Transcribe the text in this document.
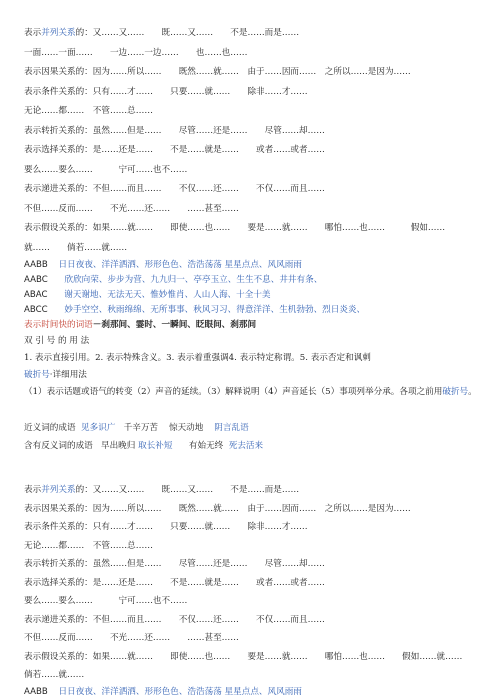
表示并列关系的：又……又……　　既……又……　　不是……而是……
一面……一面……　　一边……一边……　　也……也……
表示因果关系的：因为……所以……　　既然……就……　由于……因而……　之所以……是因为……
表示条件关系的：只有……才……　　只要……就……　　除非……才……
无论……都……　不管……总……
表示转折关系的：虽然……但是……　　尽管……还是……　　尽管……却……
表示选择关系的：是……还是……　　不是……就是……　　或者……或者……
要么……要么……　　　宁可……也不……
表示递进关系的：不但……而且……　　不仅……还……　　不仅……而且……
不但……反而……　　不光……还……　　……甚至……
表示假设关系的：如果……就……　　即使……也……　　要是……就……　　哪怕……也……　　　假如……
就……　　倘若……就……
AABB 日日夜夜、洋洋洒洒、形形色色、浩浩荡荡 星星点点、风风雨雨
AABC 欣欣向荣、步步为营、九九归一、亭亭玉立、生生不息、井井有条、
ABAC 谢天谢地、无法无天、惟妙惟肖、人山人海、十全十美
ABCC 妙手空空、秋雨绵绵、无所事事、秋风习习、得意洋洋、生机勃勃、烈日炎炎、
表示时间快的词语－刹那间、霎时、一瞬间、眨眼间、刹那间
双 引 号 的 用 法
1. 表示直接引用。2. 表示特殊含义。3. 表示着重强调4. 表示特定称谓。5. 表示否定和讽刺
破折号·详细用法
（1）表示话题或语气的转变（2）声音的延续。（3）解释说明（4）声音延长（5）事项列举分承。各项之前用破折号。
近义词的成语 见多识广 千辛万苦 惊天动地 阴言乱语
含有反义词的成语 早出晚归 取长补短 有始无终 死去活来
表示并列关系的：又……又……　　既……又……　　不是……而是……
表示因果关系的：因为……所以……　　既然……就……　由于……因而……　之所以……是因为……
表示条件关系的：只有……才……　　只要……就……　　除非……才……
无论……都……　不管……总……
表示转折关系的：虽然……但是……　　尽管……还是……　　尽管……却……
表示选择关系的：是……还是……　　不是……就是……　　或者……或者……
要么……要么……　　　宁可……也不……
表示递进关系的：不但……而且……　　不仅……还……　　不仅……而且……
不但……反而……　　不光……还……　　……甚至……
表示假设关系的：如果……就……　　即使……也……　　要是……就……　　哪怕……也……　　假如……就……
倘若……就……
AABB 日日夜夜、洋洋洒洒、形形色色、浩浩荡荡 星星点点、风风雨雨
